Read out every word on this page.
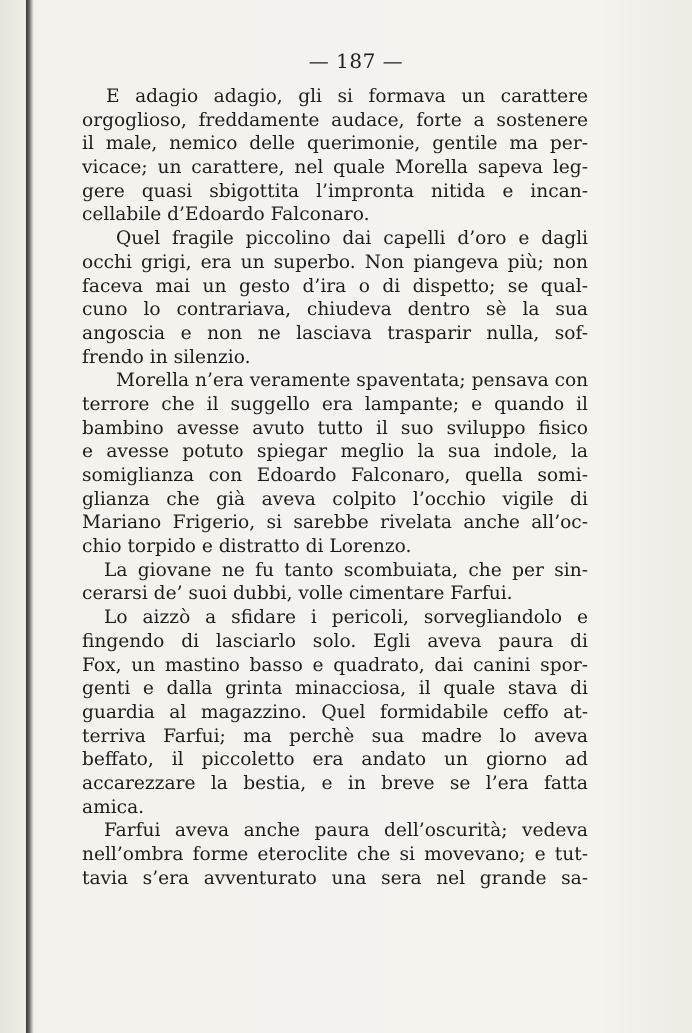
— 187 —
E adagio adagio, gli si formava un carattere
orgoglioso, freddamente audace, forte a sostenere
il male, nemico delle querimonie, gentile ma per-
vicace; un carattere, nel quale Morella sapeva leg-
gere quasi sbigottita l’impronta nitida e incan-
cellabile d’Edoardo Falconaro.
Quel fragile piccolino dai capelli d’oro e dagli
occhi grigi, era un superbo. Non piangeva più; non
faceva mai un gesto d’ira o di dispetto; se qual-
cuno lo contrariava, chiudeva dentro sè la sua
angoscia e non ne lasciava trasparir nulla, sof-
frendo in silenzio.
Morella n’era veramente spaventata; pensava con
terrore che il suggello era lampante; e quando il
bambino avesse avuto tutto il suo sviluppo fisico
e avesse potuto spiegar meglio la sua indole, la
somiglianza con Edoardo Falconaro, quella somi-
glianza che già aveva colpito l’occhio vigile di
Mariano Frigerio, si sarebbe rivelata anche all’oc-
chio torpido e distratto di Lorenzo.
La giovane ne fu tanto scombuiata, che per sin-
cerarsi de’ suoi dubbi, volle cimentare Farfui.
Lo aizzò a sfidare i pericoli, sorvegliandolo e
fingendo di lasciarlo solo. Egli aveva paura di
Fox, un mastino basso e quadrato, dai canini spor-
genti e dalla grinta minacciosa, il quale stava di
guardia al magazzino. Quel formidabile ceffo at-
terriva Farfui; ma perchè sua madre lo aveva
beffato, il piccoletto era andato un giorno ad
accarezzare la bestia, e in breve se l’era fatta
amica.
Farfui aveva anche paura dell’oscurità; vedeva
nell’ombra forme eteroclite che si movevano; e tut-
tavia s’era avventurato una sera nel grande sa-
